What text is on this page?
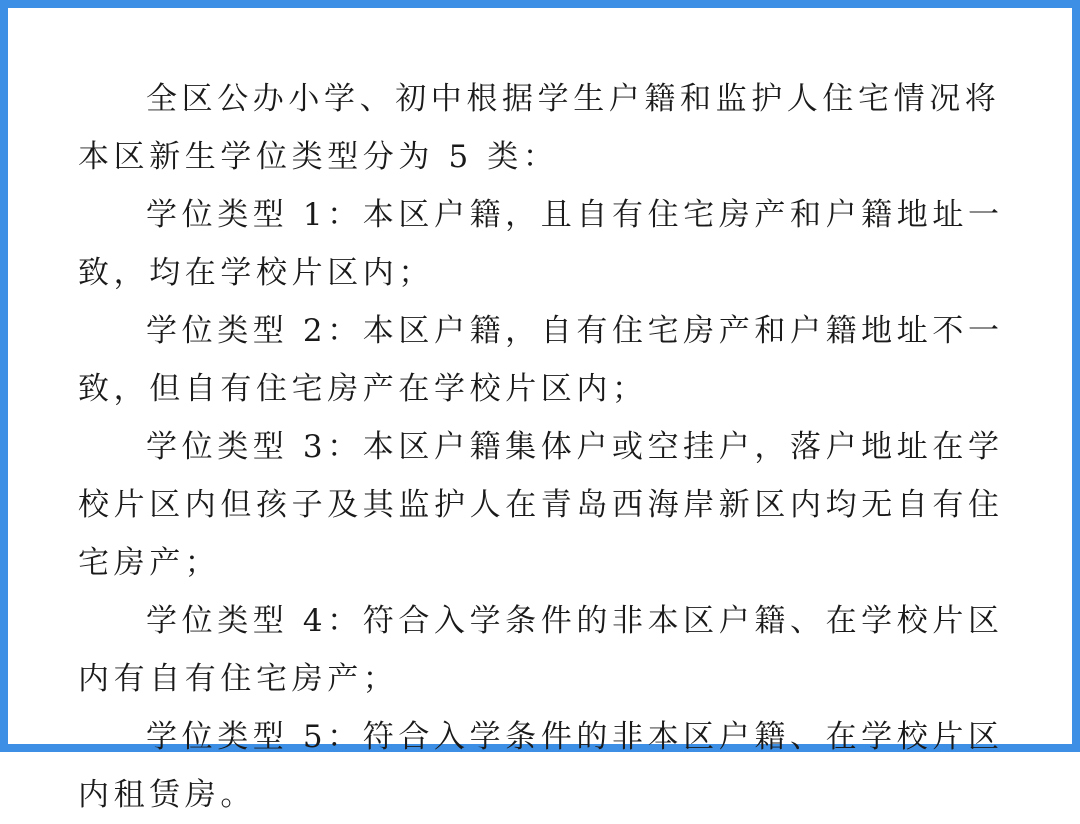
全区公办小学、初中根据学生户籍和监护人住宅情况将本区新生学位类型分为 5 类：

学位类型 1：本区户籍，且自有住宅房产和户籍地址一致，均在学校片区内；

学位类型 2：本区户籍，自有住宅房产和户籍地址不一致，但自有住宅房产在学校片区内；

学位类型 3：本区户籍集体户或空挂户，落户地址在学校片区内但孩子及其监护人在青岛西海岸新区内均无自有住宅房产；

学位类型 4：符合入学条件的非本区户籍、在学校片区内有自有住宅房产；

学位类型 5：符合入学条件的非本区户籍、在学校片区内租赁房。
